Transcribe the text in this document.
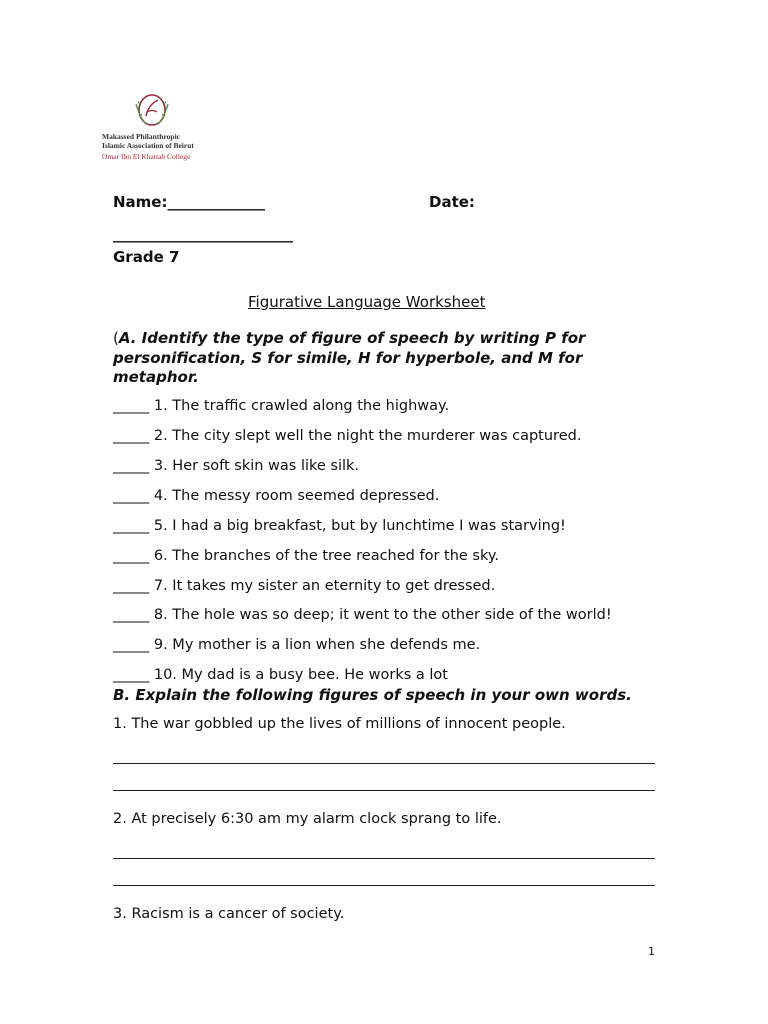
Makassed Philanthropic
Islamic Association of Beirut
Omar Ibn El Khattab College
Name:_____________	Date:
________________________
Grade 7
Figurative Language Worksheet
(A. Identify the type of figure of speech by writing P for personification, S for simile, H for hyperbole, and M for metaphor.
_____ 1. The traffic crawled along the highway.
_____ 2. The city slept well the night the murderer was captured.
_____ 3. Her soft skin was like silk.
_____ 4. The messy room seemed depressed.
_____ 5. I had a big breakfast, but by lunchtime I was starving!
_____ 6. The branches of the tree reached for the sky.
_____ 7. It takes my sister an eternity to get dressed.
_____ 8. The hole was so deep; it went to the other side of the world!
_____ 9. My mother is a lion when she defends me.
_____ 10. My dad is a busy bee. He works a lot
B. Explain the following figures of speech in your own words.
1. The war gobbled up the lives of millions of innocent people.
2. At precisely 6:30 am my alarm clock sprang to life.
3. Racism is a cancer of society.
1
